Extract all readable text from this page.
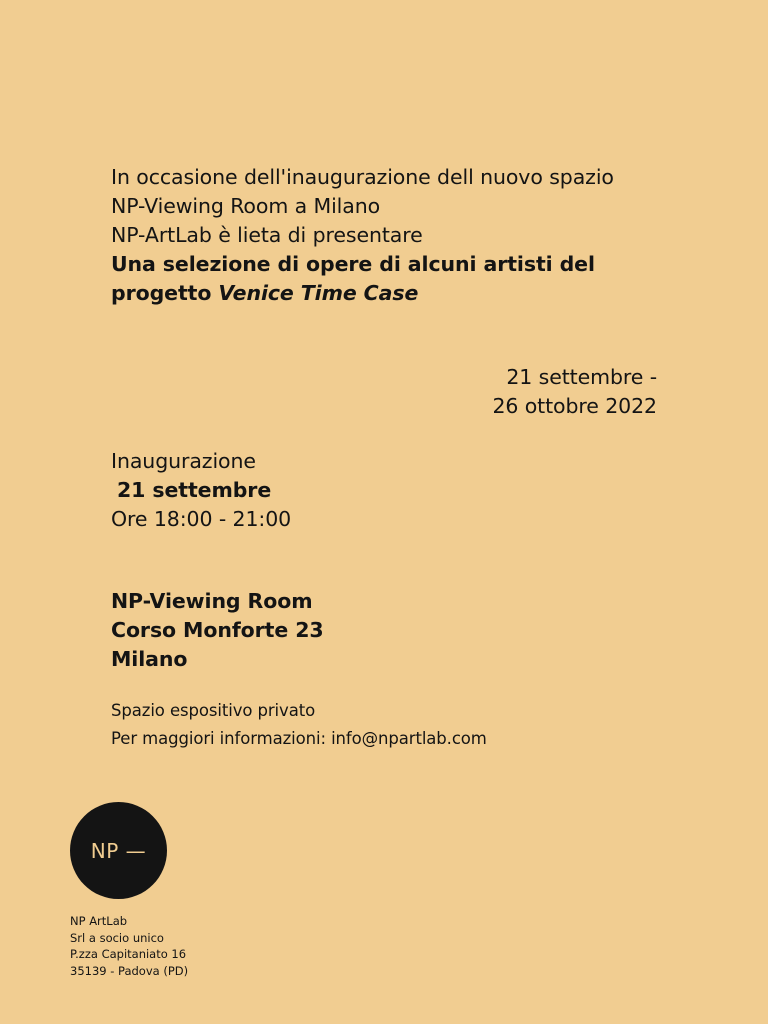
In occasione dell'inaugurazione dell nuovo spazio
NP-Viewing Room a Milano
NP-ArtLab è lieta di presentare
Una selezione di opere di alcuni artisti del
progetto Venice Time Case
21 settembre -
26 ottobre 2022
Inaugurazione
21 settembre
Ore 18:00 - 21:00
NP-Viewing Room
Corso Monforte 23
Milano
Spazio espositivo privato
Per maggiori informazioni: info@npartlab.com
NP —
NP ArtLab
Srl a socio unico
P.zza Capitaniato 16
35139 - Padova (PD)
